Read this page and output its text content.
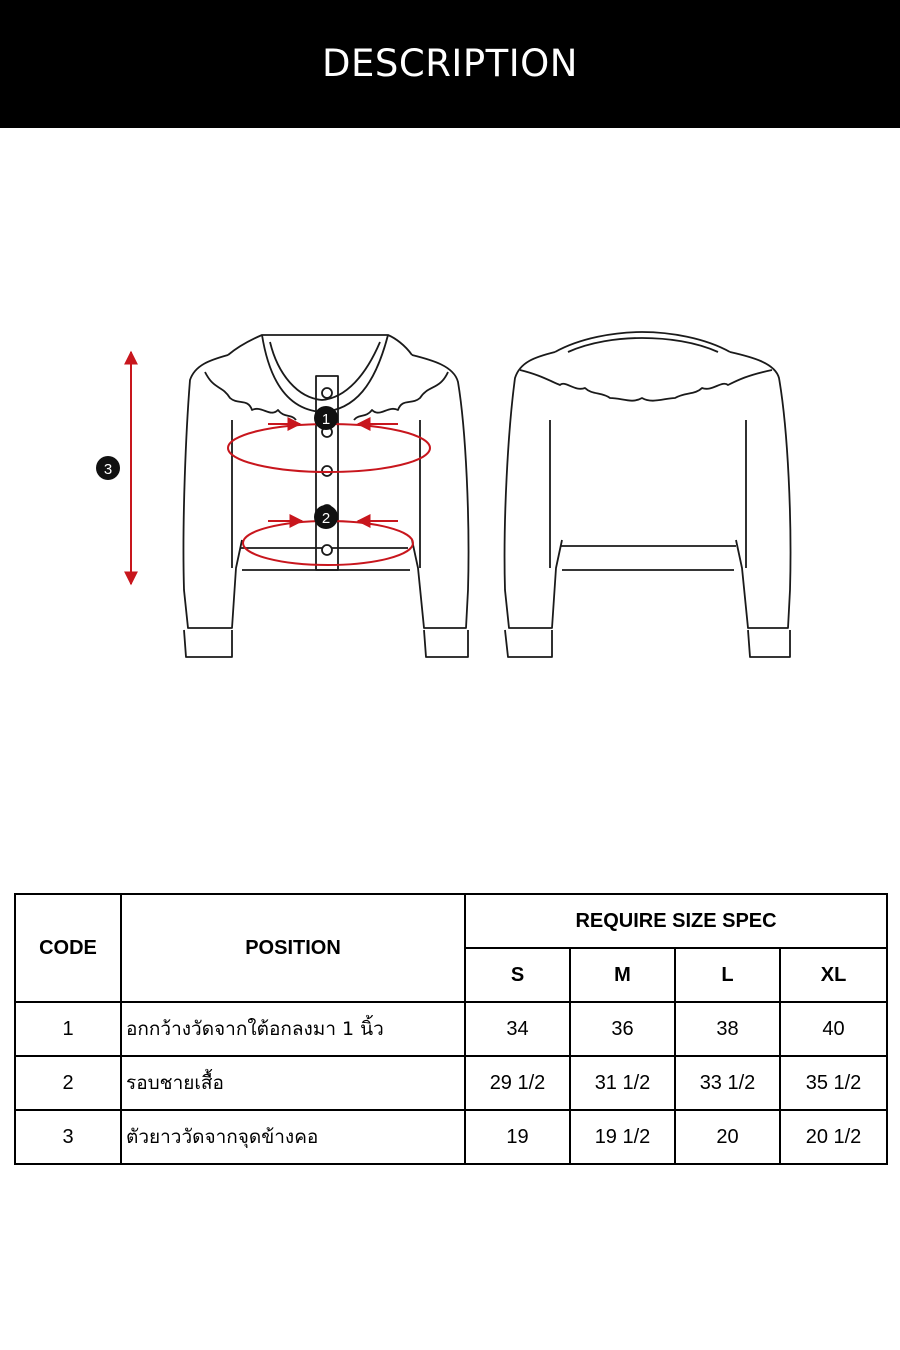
DESCRIPTION
1
2
3
CODE	POSITION	REQUIRE SIZE SPEC			
		S	M	L	XL
1	อกกว้างวัดจากใต้อกลงมา 1 นิ้ว	34	36	38	40
2	รอบชายเสื้อ	29 1/2	31 1/2	33 1/2	35 1/2
3	ตัวยาววัดจากจุดข้างคอ	19	19 1/2	20	20 1/2
